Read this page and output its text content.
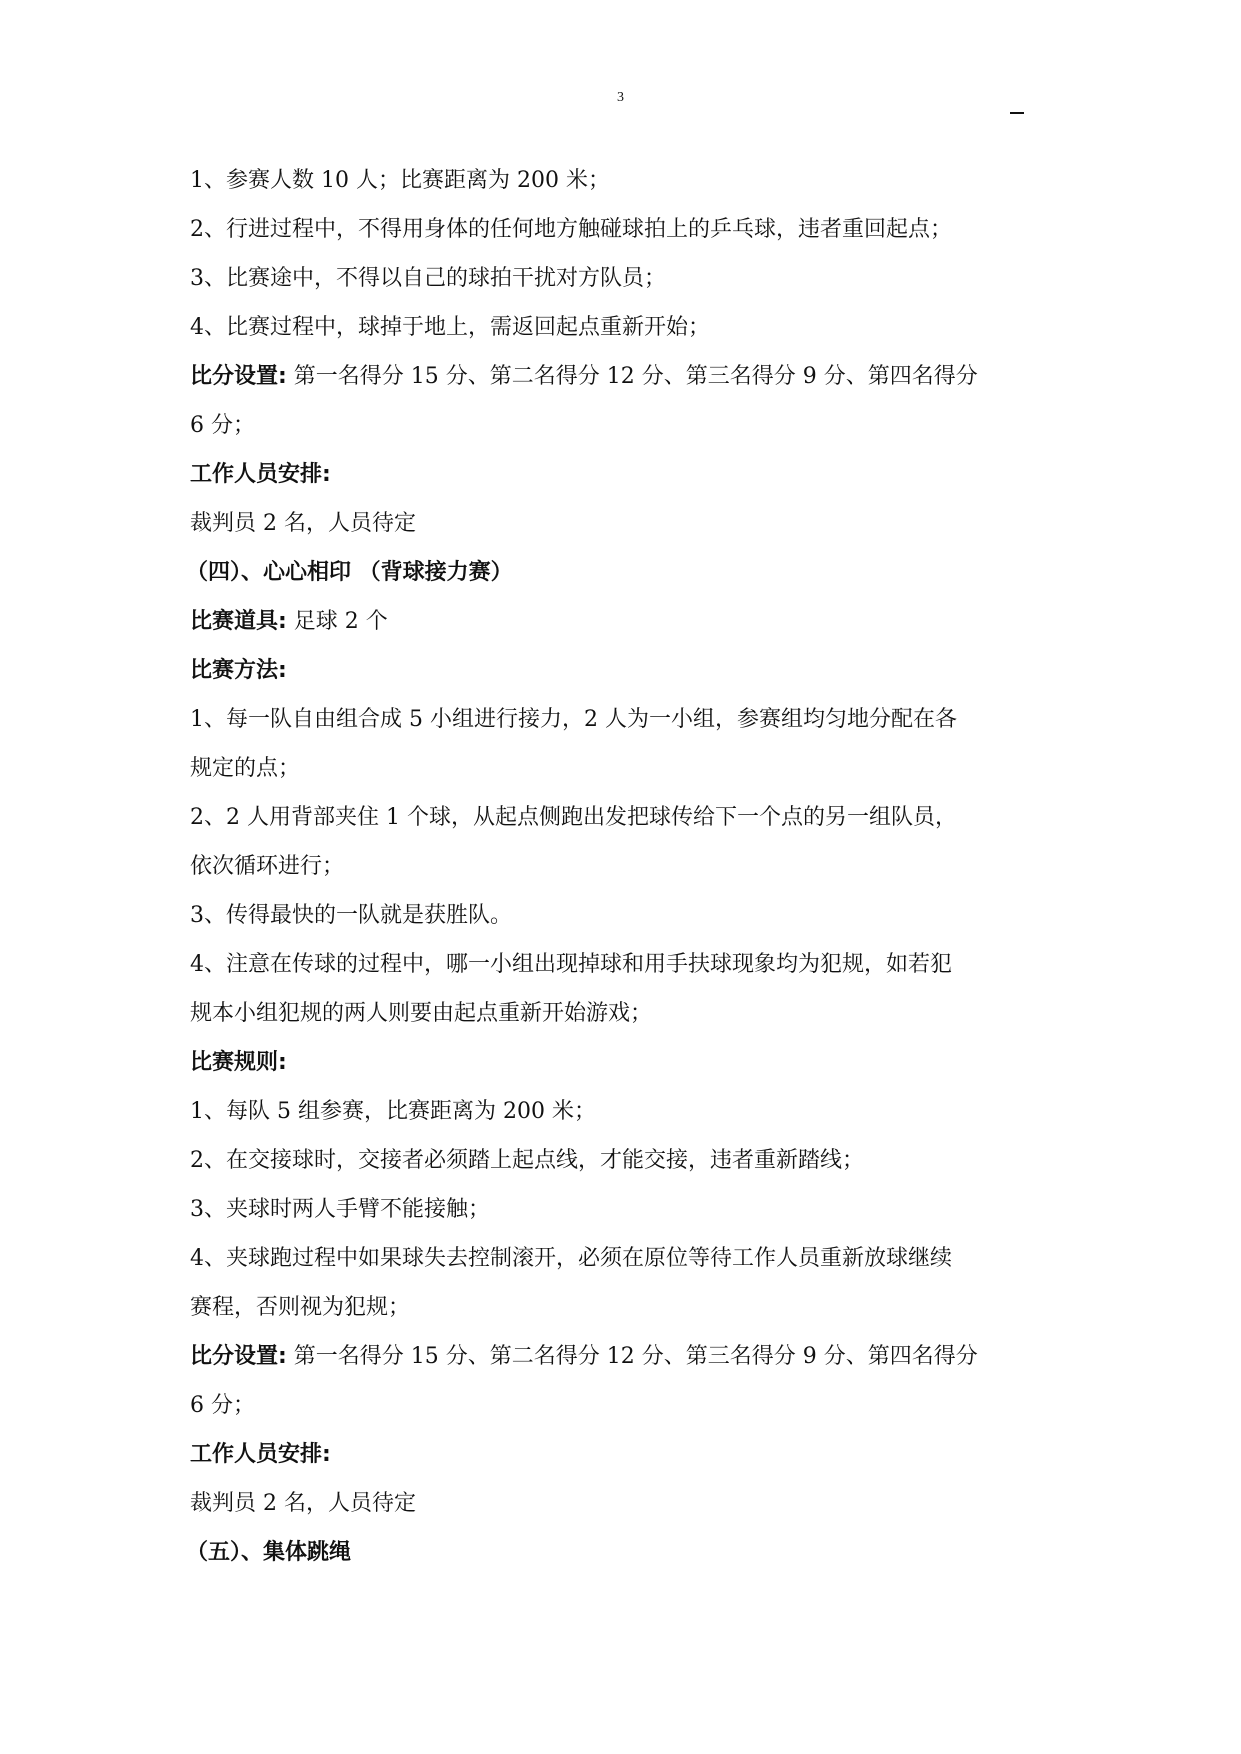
3
1、参赛人数 10 人；比赛距离为 200 米；
2、行进过程中，不得用身体的任何地方触碰球拍上的乒乓球，违者重回起点；
3、比赛途中，不得以自己的球拍干扰对方队员；
4、比赛过程中，球掉于地上，需返回起点重新开始；
比分设置: 第一名得分 15 分、第二名得分 12 分、第三名得分 9 分、第四名得分
6 分；
工作人员安排:
裁判员 2 名，人员待定
（四）、心心相印 （背球接力赛）
比赛道具: 足球 2 个
比赛方法:
1、每一队自由组合成 5 小组进行接力，2 人为一小组，参赛组均匀地分配在各
规定的点；
2、2 人用背部夹住 1 个球，从起点侧跑出发把球传给下一个点的另一组队员，
依次循环进行；
3、传得最快的一队就是获胜队。
4、注意在传球的过程中，哪一小组出现掉球和用手扶球现象均为犯规，如若犯
规本小组犯规的两人则要由起点重新开始游戏；
比赛规则:
1、每队 5 组参赛，比赛距离为 200 米；
2、在交接球时，交接者必须踏上起点线，才能交接，违者重新踏线；
3、夹球时两人手臂不能接触；
4、夹球跑过程中如果球失去控制滚开，必须在原位等待工作人员重新放球继续
赛程，否则视为犯规；
比分设置: 第一名得分 15 分、第二名得分 12 分、第三名得分 9 分、第四名得分
6 分；
工作人员安排:
裁判员 2 名，人员待定
（五）、集体跳绳
